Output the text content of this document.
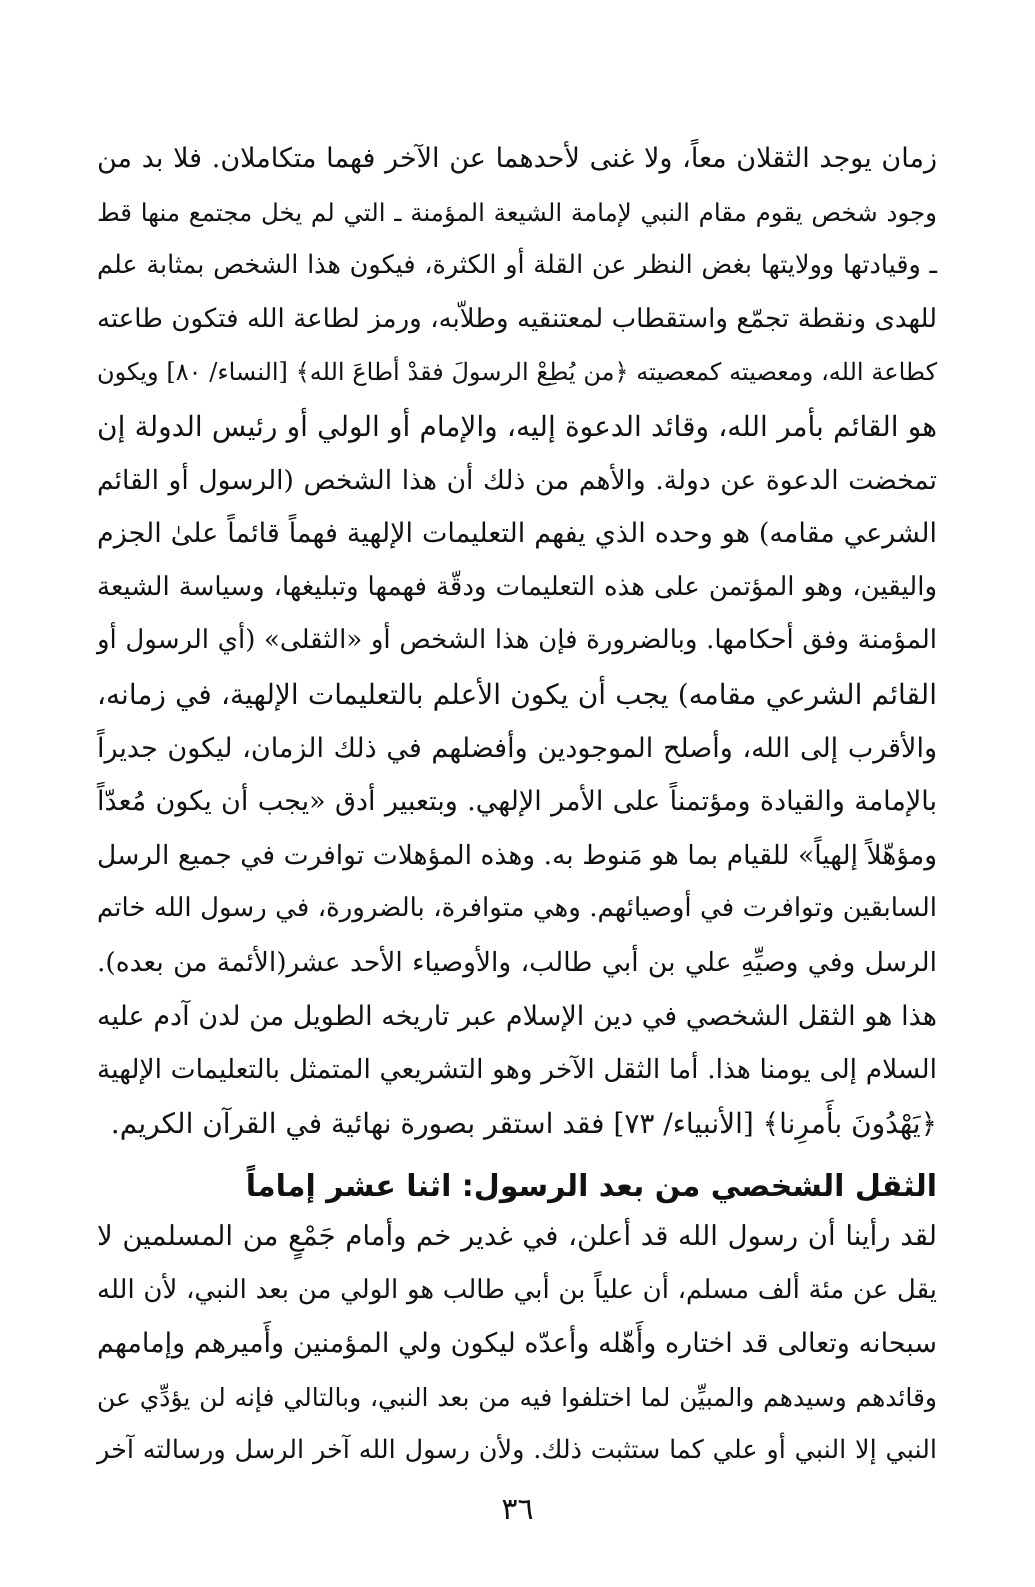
زمان يوجد الثقلان معاً، ولا غنى لأحدهما عن الآخر فهما متكاملان. فلا بد من
وجود شخص يقوم مقام النبي لإمامة الشيعة المؤمنة ـ التي لم يخل مجتمع منها قط
ـ وقيادتها وولايتها بغض النظر عن القلة أو الكثرة، فيكون هذا الشخص بمثابة علم
للهدى ونقطة تجمّع واستقطاب لمعتنقيه وطلاّبه، ورمز لطاعة الله فتكون طاعته
كطاعة الله، ومعصيته كمعصيته ﴿من يُطِعْ الرسولَ فقدْ أطاعَ الله﴾ [النساء/ ٨٠] ويكون
هو القائم بأمر الله، وقائد الدعوة إليه، والإمام أو الولي أو رئيس الدولة إن
تمخضت الدعوة عن دولة. والأهم من ذلك أن هذا الشخص (الرسول أو القائم
الشرعي مقامه) هو وحده الذي يفهم التعليمات الإلهية فهماً قائماً علىٰ الجزم
واليقين، وهو المؤتمن على هذه التعليمات ودقّة فهمها وتبليغها، وسياسة الشيعة
المؤمنة وفق أحكامها. وبالضرورة فإن هذا الشخص أو «الثقلى» (أي الرسول أو
القائم الشرعي مقامه) يجب أن يكون الأعلم بالتعليمات الإلهية، في زمانه،
والأقرب إلى الله، وأصلح الموجودين وأفضلهم في ذلك الزمان، ليكون جديراً
بالإمامة والقيادة ومؤتمناً على الأمر الإلهي. وبتعبير أدق «يجب أن يكون مُعدّاً
ومؤهّلاً إلهياً» للقيام بما هو مَنوط به. وهذه المؤهلات توافرت في جميع الرسل
السابقين وتوافرت في أوصيائهم. وهي متوافرة، بالضرورة، في رسول الله خاتم
الرسل وفي وصيِّهِ علي بن أبي طالب، والأوصياء الأحد عشر(الأئمة من بعده).
هذا هو الثقل الشخصي في دين الإسلام عبر تاريخه الطويل من لدن آدم عليه
السلام إلى يومنا هذا. أما الثقل الآخر وهو التشريعي المتمثل بالتعليمات الإلهية
﴿يَهْدُونَ بأَمرِنا﴾ [الأنبياء/ ٧٣] فقد استقر بصورة نهائية في القرآن الكريم.
الثقل الشخصي من بعد الرسول: اثنا عشر إماماً
لقد رأينا أن رسول الله قد أعلن، في غدير خم وأمام جَمْعٍ من المسلمين لا
يقل عن مئة ألف مسلم، أن علياً بن أبي طالب هو الولي من بعد النبي، لأن الله
سبحانه وتعالى قد اختاره وأَهّله وأعدّه ليكون ولي المؤمنين وأَميرهم وإمامهم
وقائدهم وسيدهم والمبيِّن لما اختلفوا فيه من بعد النبي، وبالتالي فإنه لن يؤدِّي عن
النبي إلا النبي أو علي كما ستثبت ذلك. ولأن رسول الله آخر الرسل ورسالته آخر
٣٦
